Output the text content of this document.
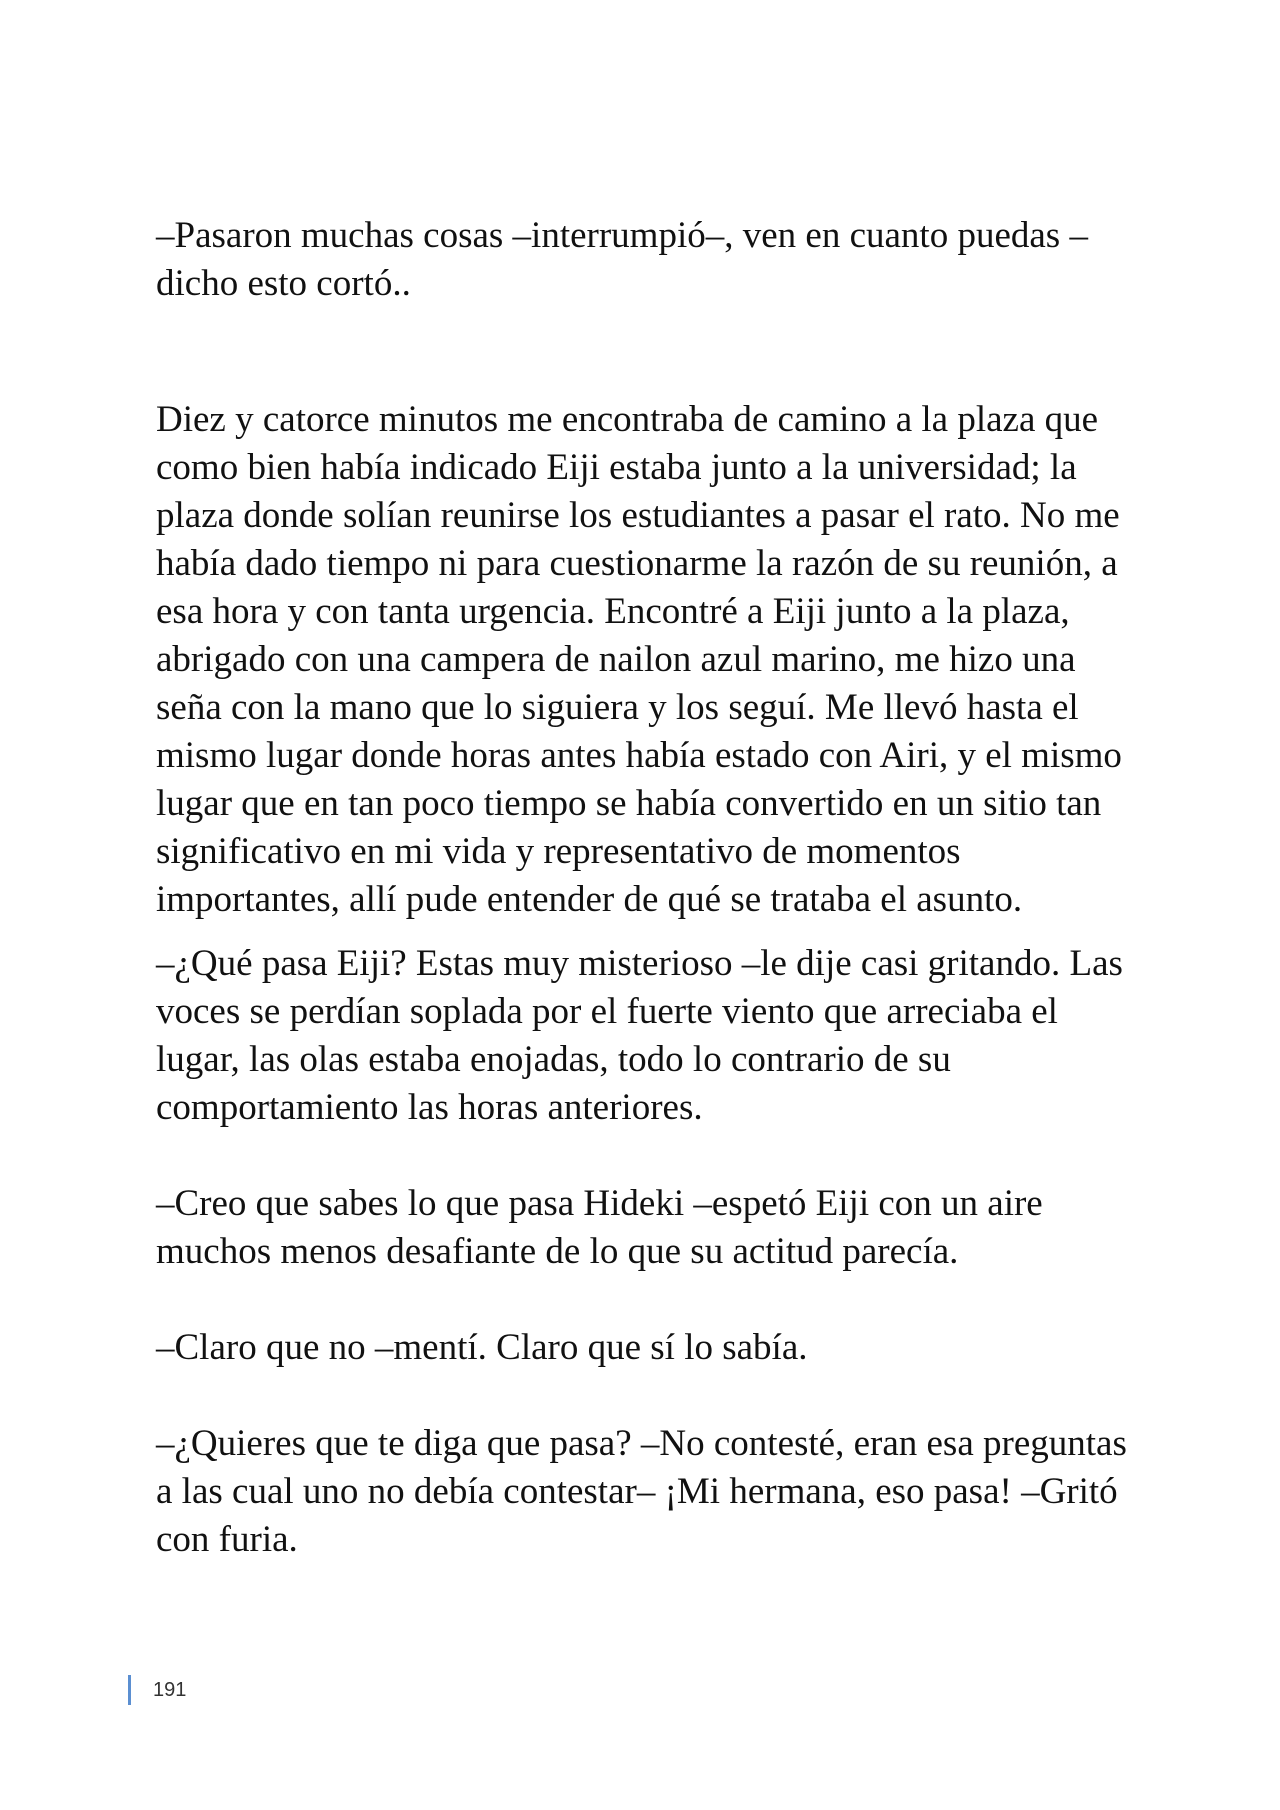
–Pasaron muchas cosas –interrumpió–, ven en cuanto puedas –dicho esto cortó..

Diez y catorce minutos me encontraba de camino a la plaza que como bien había indicado Eiji estaba junto a la universidad; la plaza donde solían reunirse los estudiantes a pasar el rato. No me había dado tiempo ni para cuestionarme la razón de su reunión, a esa hora y con tanta urgencia. Encontré a Eiji junto a la plaza, abrigado con una campera de nailon azul marino, me hizo una seña con la mano que lo siguiera y los seguí. Me llevó hasta el mismo lugar donde horas antes había estado con Airi, y el mismo lugar que en tan poco tiempo se había convertido en un sitio tan significativo en mi vida y representativo de momentos importantes, allí pude entender de qué se trataba el asunto.

–¿Qué pasa Eiji? Estas muy misterioso –le dije casi gritando. Las voces se perdían soplada por el fuerte viento que arreciaba el lugar, las olas estaba enojadas, todo lo contrario de su comportamiento las horas anteriores.

–Creo que sabes lo que pasa Hideki –espetó Eiji con un aire muchos menos desafiante de lo que su actitud parecía.

–Claro que no –mentí. Claro que sí lo sabía.

–¿Quieres que te diga que pasa? –No contesté, eran esa preguntas a las cual uno no debía contestar– ¡Mi hermana, eso pasa! –Gritó con furia.

191
